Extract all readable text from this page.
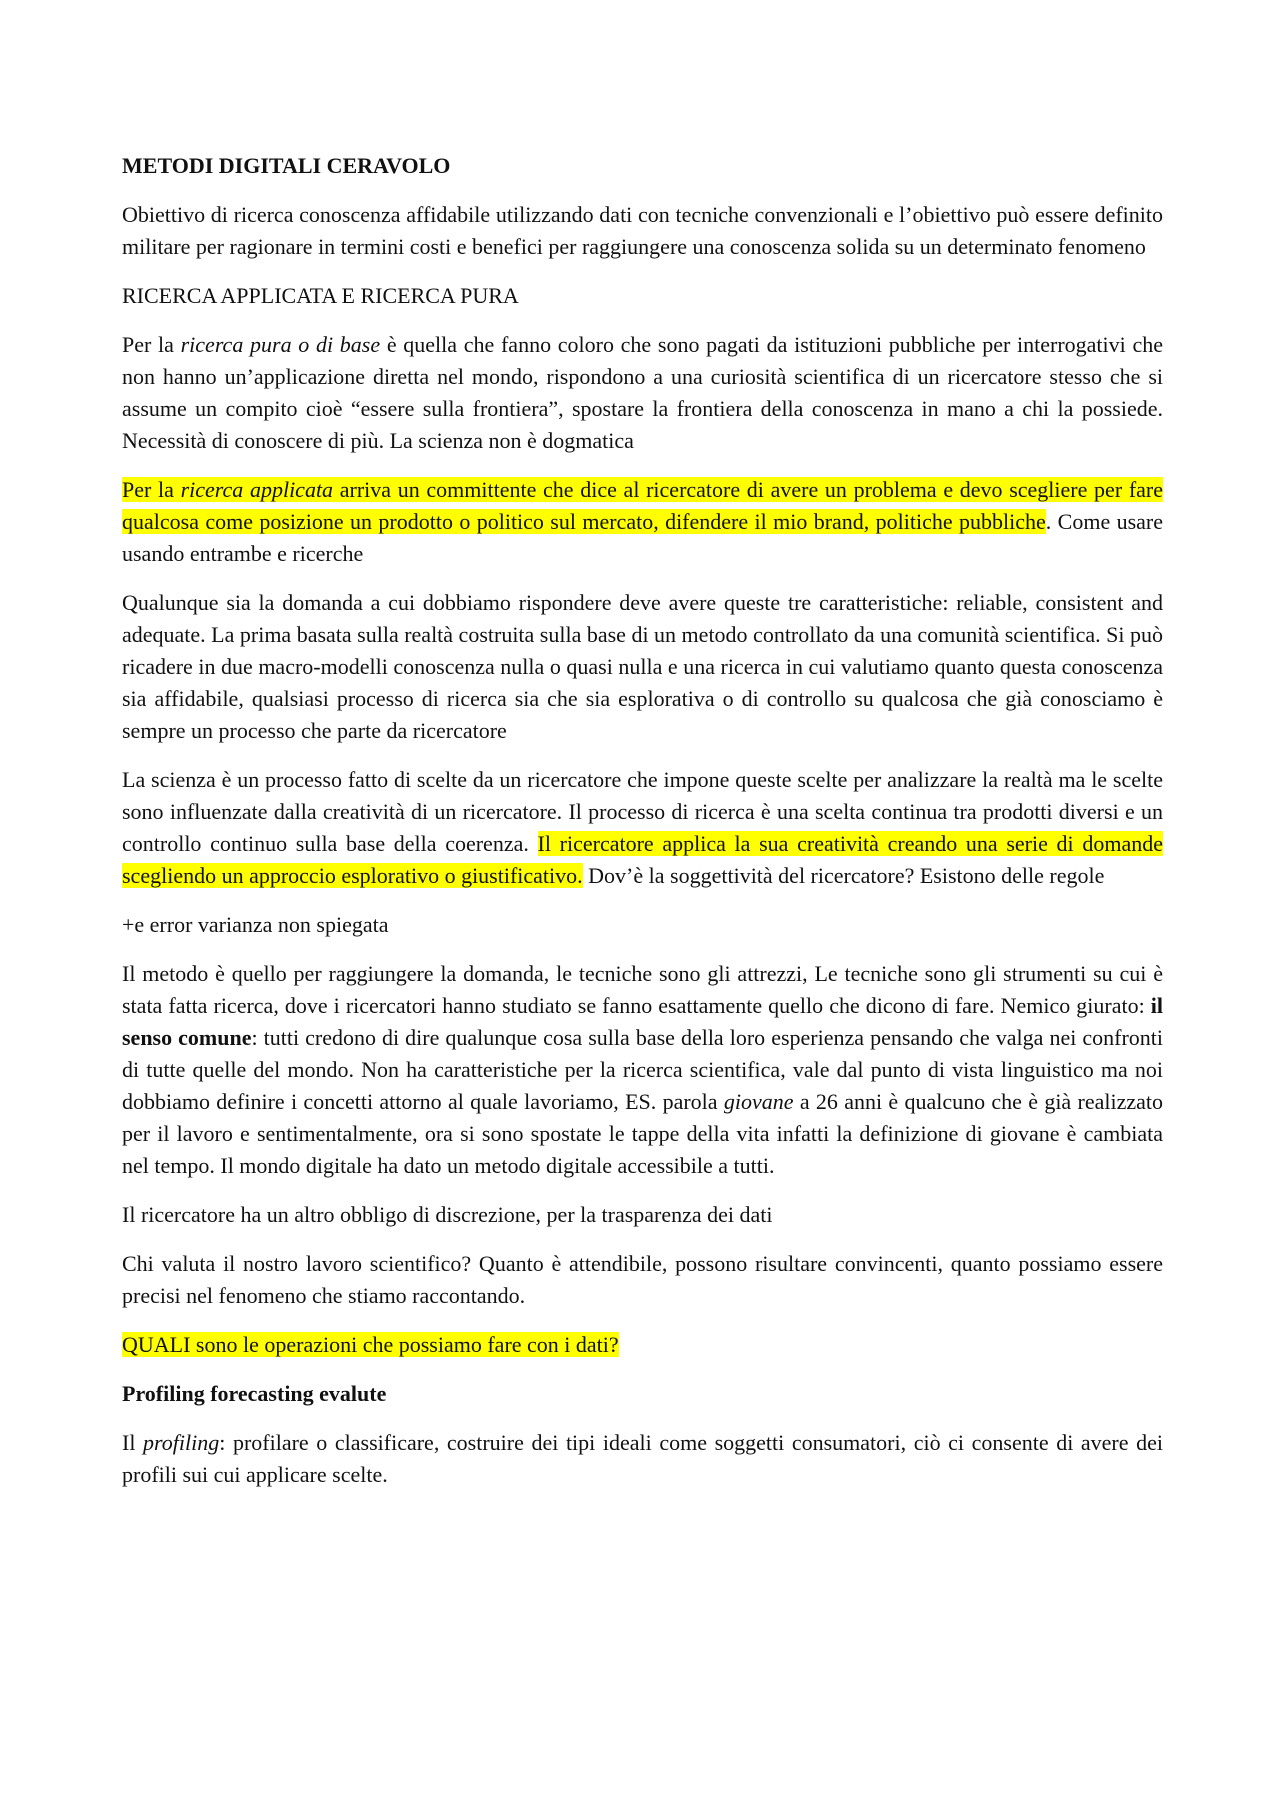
METODI DIGITALI CERAVOLO

Obiettivo di ricerca conoscenza affidabile utilizzando dati con tecniche convenzionali e l’obiettivo può essere definito militare per ragionare in termini costi e benefici per raggiungere una conoscenza solida su un determinato fenomeno

RICERCA APPLICATA E RICERCA PURA

Per la ricerca pura o di base è quella che fanno coloro che sono pagati da istituzioni pubbliche per interrogativi che non hanno un’applicazione diretta nel mondo, rispondono a una curiosità scientifica di un ricercatore stesso che si assume un compito cioè “essere sulla frontiera”, spostare la frontiera della conoscenza in mano a chi la possiede. Necessità di conoscere di più. La scienza non è dogmatica

Per la ricerca applicata arriva un committente che dice al ricercatore di avere un problema e devo scegliere per fare qualcosa come posizione un prodotto o politico sul mercato, difendere il mio brand, politiche pubbliche. Come usare usando entrambe e ricerche

Qualunque sia la domanda a cui dobbiamo rispondere deve avere queste tre caratteristiche: reliable, consistent and adequate. La prima basata sulla realtà costruita sulla base di un metodo controllato da una comunità scientifica. Si può ricadere in due macro-modelli conoscenza nulla o quasi nulla e una ricerca in cui valutiamo quanto questa conoscenza sia affidabile, qualsiasi processo di ricerca sia che sia esplorativa o di controllo su qualcosa che già conosciamo è sempre un processo che parte da ricercatore

La scienza è un processo fatto di scelte da un ricercatore che impone queste scelte per analizzare la realtà ma le scelte sono influenzate dalla creatività di un ricercatore. Il processo di ricerca è una scelta continua tra prodotti diversi e un controllo continuo sulla base della coerenza. Il ricercatore applica la sua creatività creando una serie di domande scegliendo un approccio esplorativo o giustificativo. Dov’è la soggettività del ricercatore? Esistono delle regole

+e error varianza non spiegata

Il metodo è quello per raggiungere la domanda, le tecniche sono gli attrezzi, Le tecniche sono gli strumenti su cui è stata fatta ricerca, dove i ricercatori hanno studiato se fanno esattamente quello che dicono di fare. Nemico giurato: il senso comune: tutti credono di dire qualunque cosa sulla base della loro esperienza pensando che valga nei confronti di tutte quelle del mondo. Non ha caratteristiche per la ricerca scientifica, vale dal punto di vista linguistico ma noi dobbiamo definire i concetti attorno al quale lavoriamo, ES. parola giovane a 26 anni è qualcuno che è già realizzato per il lavoro e sentimentalmente, ora si sono spostate le tappe della vita infatti la definizione di giovane è cambiata nel tempo. Il mondo digitale ha dato un metodo digitale accessibile a tutti.

Il ricercatore ha un altro obbligo di discrezione, per la trasparenza dei dati

Chi valuta il nostro lavoro scientifico? Quanto è attendibile, possono risultare convincenti, quanto possiamo essere precisi nel fenomeno che stiamo raccontando.

QUALI sono le operazioni che possiamo fare con i dati?

Profiling forecasting evalute

Il profiling: profilare o classificare, costruire dei tipi ideali come soggetti consumatori, ciò ci consente di avere dei profili sui cui applicare scelte.
